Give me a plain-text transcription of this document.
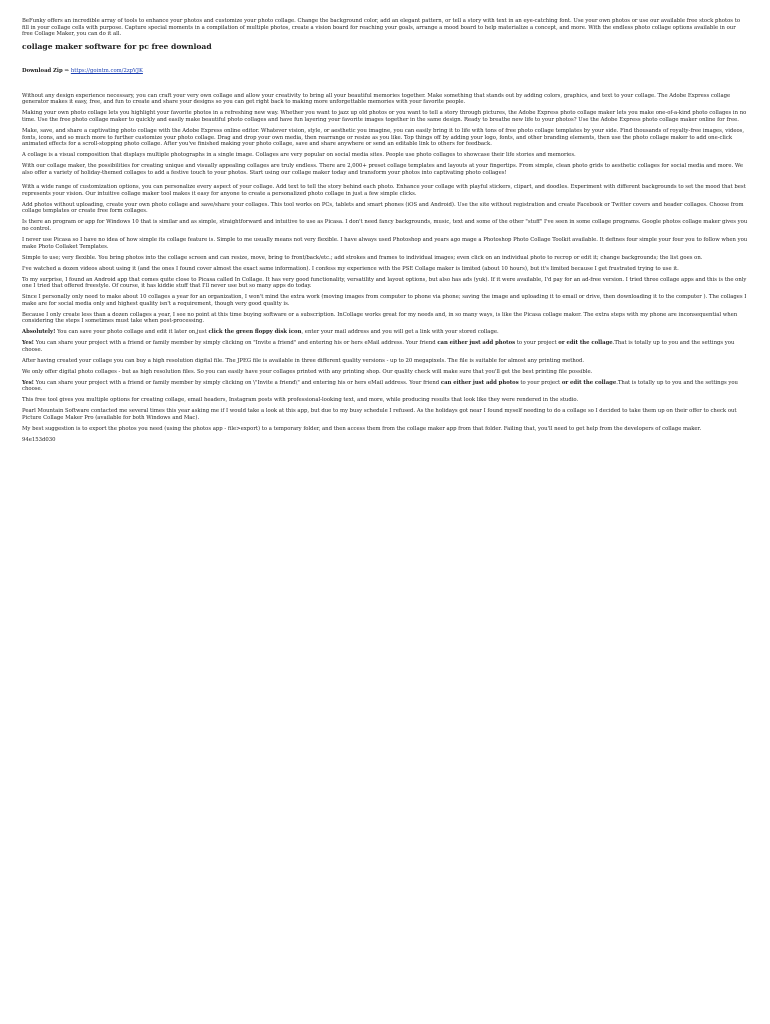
BeFunky offers an incredible array of tools to enhance your photos and customize your photo collage. Change the background color, add an elegant pattern, or tell a story with text in an eye-catching font. Use your own photos or use our available free stock photos to fill in your collage cells with purpose. Capture special moments in a compilation of multiple photos, create a vision board for reaching your goals, arrange a mood board to help materialize a concept, and more. With the endless photo collage options available in our free Collage Maker, you can do it all.

collage maker software for pc free download
Download Zip ⇒ https://gointm.com/2zpVJK

Without any design experience necessary, you can craft your very own collage and allow your creativity to bring all your beautiful memories together. Make something that stands out by adding colors, graphics, and text to your collage. The Adobe Express collage generator makes it easy, free, and fun to create and share your designs so you can get right back to making more unforgettable memories with your favorite people.

Making your own photo collage lets you highlight your favorite photos in a refreshing new way. Whether you want to jazz up old photos or you want to tell a story through pictures, the Adobe Express photo collage maker lets you make one-of-a-kind photo collages in no time. Use the free photo collage maker to quickly and easily make beautiful photo collages and have fun layering your favorite images together in the same design. Ready to breathe new life to your photos? Use the Adobe Express photo collage maker online for free.

Make, save, and share a captivating photo collage with the Adobe Express online editor. Whatever vision, style, or aesthetic you imagine, you can easily bring it to life with tons of free photo collage templates by your side. Find thousands of royalty-free images, videos, fonts, icons, and so much more to further customize your photo collage. Drag and drop your own media, then rearrange or resize as you like. Top things off by adding your logo, fonts, and other branding elements, then use the photo collage maker to add one-click animated effects for a scroll-stopping photo collage. After you've finished making your photo collage, save and share anywhere or send an editable link to others for feedback.

A collage is a visual composition that displays multiple photographs in a single image. Collages are very popular on social media sites. People use photo collages to showcase their life stories and memories.

With our collage maker, the possibilities for creating unique and visually appealing collages are truly endless. There are 2,000+ preset collage templates and layouts at your fingertips. From simple, clean photo grids to aesthetic collages for social media and more. We also offer a variety of holiday-themed collages to add a festive touch to your photos. Start using our collage maker today and transform your photos into captivating photo collages!

With a wide range of customization options, you can personalize every aspect of your collage. Add text to tell the story behind each photo. Enhance your collage with playful stickers, clipart, and doodles. Experiment with different backgrounds to set the mood that best represents your vision. Our intuitive collage maker tool makes it easy for anyone to create a personalized photo collage in just a few simple clicks.

Add photos without uploading, create your own photo collage and save/share your collages. This tool works on PCs, tablets and smart phones (iOS and Android). Use the site without registration and create Facebook or Twitter covers and header collages. Choose from collage templates or create free form collages.

Is there an program or app for Windows 10 that is similar and as simple, straightforward and intuitive to use as Picasa. I don't need fancy backgrounds, music, text and some of the other "stuff" I've seen in some collage programs. Google photos collage maker gives you no control.

I never use Picasa so I have no idea of how simple its collage feature is. Simple to me usually means not very flexible. I have always used Photoshop and years ago mage a Photoshop Photo Collage Toolkit available. It defines four simple your four you to follow when you make Photo Collaket Templates.

Simple to use; very flexible. You bring photos into the collage screen and can resize, move, bring to front/back/etc.; add strokes and frames to individual images; even click on an individual photo to recrop or edit it; change backgrounds; the list goes on.

I've watched a dozen videos about using it (and the ones I found cover almost the exact same information). I confess my experience with the PSE Collage maker is limited (about 10 hours), but it's limited because I get frustrated trying to use it.

To my surprise, I found an Android app that comes quite close to Picasa called In Collage. It has very good functionality, versatility and layout options, but also has ads (yuk). If it were available, I'd pay for an ad-free version. I tried three collage apps and this is the only one I tried that offered freestyle. Of course, it has kiddie stuff that I'll never use but so many apps do today.

Since I personally only need to make about 10 collages a year for an organization, I won't mind the extra work (moving images from computer to phone via phone; saving the image and uploading it to email or drive, then downloading it to the computer ). The collages I make are for social media only and highest quality isn't a requirement, though very good quality is.

Because I only create less than a dozen collages a year, I see no point at this time buying software or a subscription. InCollage works great for my needs and, in so many ways, is like the Picasa collage maker. The extra steps with my phone are inconsequential when considering the steps I sometimes must take when post-processing.

Absolutely! You can save your photo collage and edit it later on,just click the green floppy disk icon, enter your mail address and you will get a link with your stored collage.

Yes! You can share your project with a friend or family member by simply clicking on "Invite a friend" and entering his or hers eMail address. Your friend can either just add photos to your project or edit the collage.That is totally up to you and the settings you choose.

After having created your collage you can buy a high resolution digital file. The JPEG file is available in three different quality versions - up to 20 megapixels. The file is suitable for almost any printing method.

We only offer digital photo collages - but as high resolution files. So you can easily have your collages printed with any printing shop. Our quality check will make sure that you'll get the best printing file possible.

Yes! You can share your project with a friend or family member by simply clicking on \"Invite a friend\" and entering his or hers eMail address. Your friend can either just add photos to your project or edit the collage.That is totally up to you and the settings you choose.

This free tool gives you multiple options for creating collage, email headers, Instagram posts with professional-looking text, and more, while producing results that look like they were rendered in the studio.

Pearl Mountain Software contacted me several times this year asking me if I would take a look at this app, but due to my busy schedule I refused. As the holidays got near I found myself needing to do a collage so I decided to take them up on their offer to check out Picture Collage Maker Pro (available for both Windows and Mac).

My best suggestion is to export the photos you need (using the photos app - file>export) to a temporary folder, and then access them from the collage maker app from that folder. Failing that, you'll need to get help from the developers of collage maker.

94e153d030
